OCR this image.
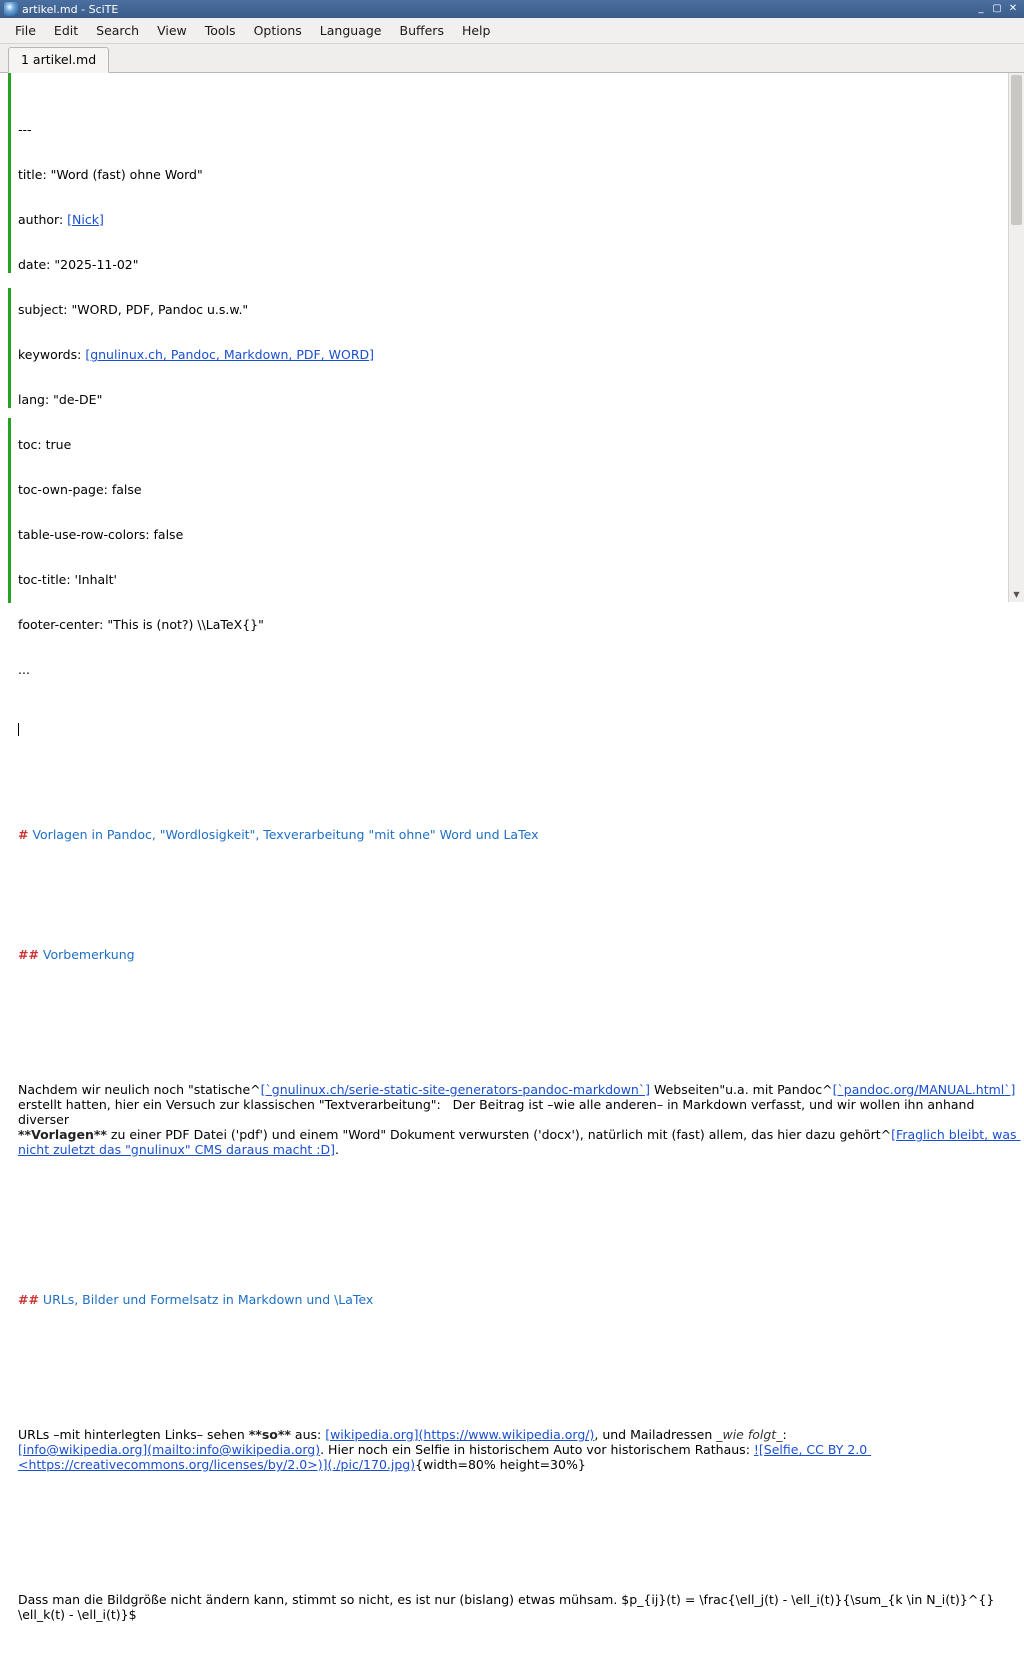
artikel.md - SciTE	_ ▢ ✕
File	Edit	Search	View	Tools	Options	Language	Buffers	Help
1 artikel.md

---

title: "Word (fast) ohne Word"

author: [Nick]

date: "2025-11-02"

subject: "WORD, PDF, Pandoc u.s.w."

keywords: [gnulinux.ch, Pandoc, Markdown, PDF, WORD]

lang: "de-DE"

toc: true

toc-own-page: false

table-use-row-colors: false

toc-title: 'Inhalt'

footer-center: "This is (not?) \\LaTeX{}"

...

# Vorlagen in Pandoc, "Wordlosigkeit", Texverarbeitung "mit ohne" Word und LaTex

## Vorbemerkung

Nachdem wir neulich noch "statische^[`gnulinux.ch/serie-static-site-generators-pandoc-markdown`] Webseiten"u.a. mit Pandoc^[`pandoc.org/MANUAL.html`]
erstellt hatten, hier ein Versuch zur klassischen "Textverarbeitung":   Der Beitrag ist –wie alle anderen– in Markdown verfasst, und wir wollen ihn anhand diverser
**Vorlagen** zu einer PDF Datei ('pdf') und einem "Word" Dokument verwursten ('docx'), natürlich mit (fast) allem, das hier dazu gehört^[Fraglich bleibt, was nicht zuletzt das "gnulinux" CMS daraus macht :D].

## URLs, Bilder und Formelsatz in Markdown und \LaTex

URLs –mit hinterlegten Links– sehen **so** aus: [wikipedia.org](https://www.wikipedia.org/), und Mailadressen _wie folgt_:
[info@wikipedia.org](mailto:info@wikipedia.org). Hier noch ein Selfie in historischem Auto vor historischem Rathaus: ![Selfie, CC BY 2.0 <https://creativecommons.org/licenses/by/2.0>)](./pic/170.jpg){width=80% height=30%}

Dass man die Bildgröße nicht ändern kann, stimmt so nicht, es ist nur (bislang) etwas mühsam. $p_{ij}(t) = \frac{\ell_j(t) - \ell_i(t)}{\sum_{k \in N_i(t)}^{}
\ell_k(t) - \ell_i(t)}$

▼
